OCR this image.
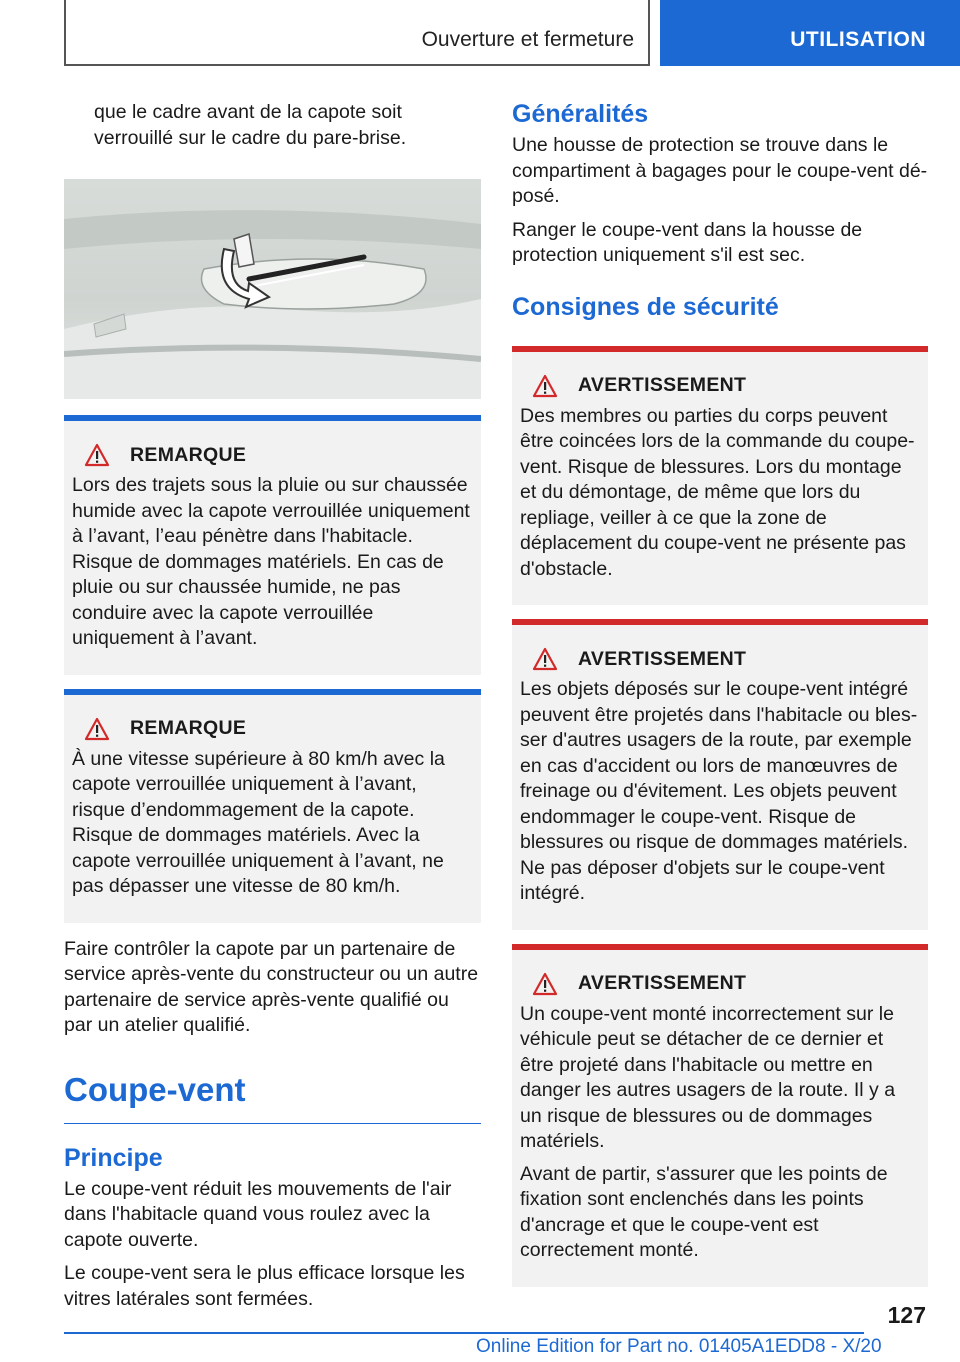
Ouverture et fermeture	UTILISATION

que le cadre avant de la capote soit verrouillé sur le cadre du pare-brise.

REMARQUE

Lors des trajets sous la pluie ou sur chaussée humide avec la capote verrouillée uniquement à l’avant, l’eau pénètre dans l'habitacle. Risque de dommages matériels. En cas de pluie ou sur chaussée humide, ne pas conduire avec la capote verrouillée uniquement à l’avant.

REMARQUE

À une vitesse supérieure à 80 km/h avec la capote verrouillée uniquement à l’avant, risque d’endommagement de la capote. Risque de dommages matériels. Avec la capote verrouillée uniquement à l’avant, ne pas dépasser une vitesse de 80 km/h.

Faire contrôler la capote par un partenaire de service après-vente du constructeur ou un autre partenaire de service après-vente qualifié ou par un atelier qualifié.

Coupe-vent
Principe

Le coupe-vent réduit les mouvements de l'air dans l'habitacle quand vous roulez avec la capote ouverte.

Le coupe-vent sera le plus efficace lorsque les vitres latérales sont fermées.

Généralités

Une housse de protection se trouve dans le compartiment à bagages pour le coupe-vent déposé.

Ranger le coupe-vent dans la housse de protection uniquement s'il est sec.

Consignes de sécurité
AVERTISSEMENT

Des membres ou parties du corps peuvent être coincées lors de la commande du coupe-vent. Risque de blessures. Lors du montage et du démontage, de même que lors du repliage, veiller à ce que la zone de déplacement du coupe-vent ne présente pas d'obstacle.

AVERTISSEMENT

Les objets déposés sur le coupe-vent intégré peuvent être projetés dans l'habitacle ou blesser d'autres usagers de la route, par exemple en cas d'accident ou lors de manœuvres de freinage ou d'évitement. Les objets peuvent endommager le coupe-vent. Risque de blessures ou risque de dommages matériels. Ne pas déposer d'objets sur le coupe-vent intégré.

AVERTISSEMENT

Un coupe-vent monté incorrectement sur le véhicule peut se détacher de ce dernier et être projeté dans l'habitacle ou mettre en danger les autres usagers de la route. Il y a un risque de blessures ou de dommages matériels.

Avant de partir, s'assurer que les points de fixation sont enclenchés dans les points d'ancrage et que le coupe-vent est correctement monté.

127
Online Edition for Part no. 01405A1EDD8 - X/20
